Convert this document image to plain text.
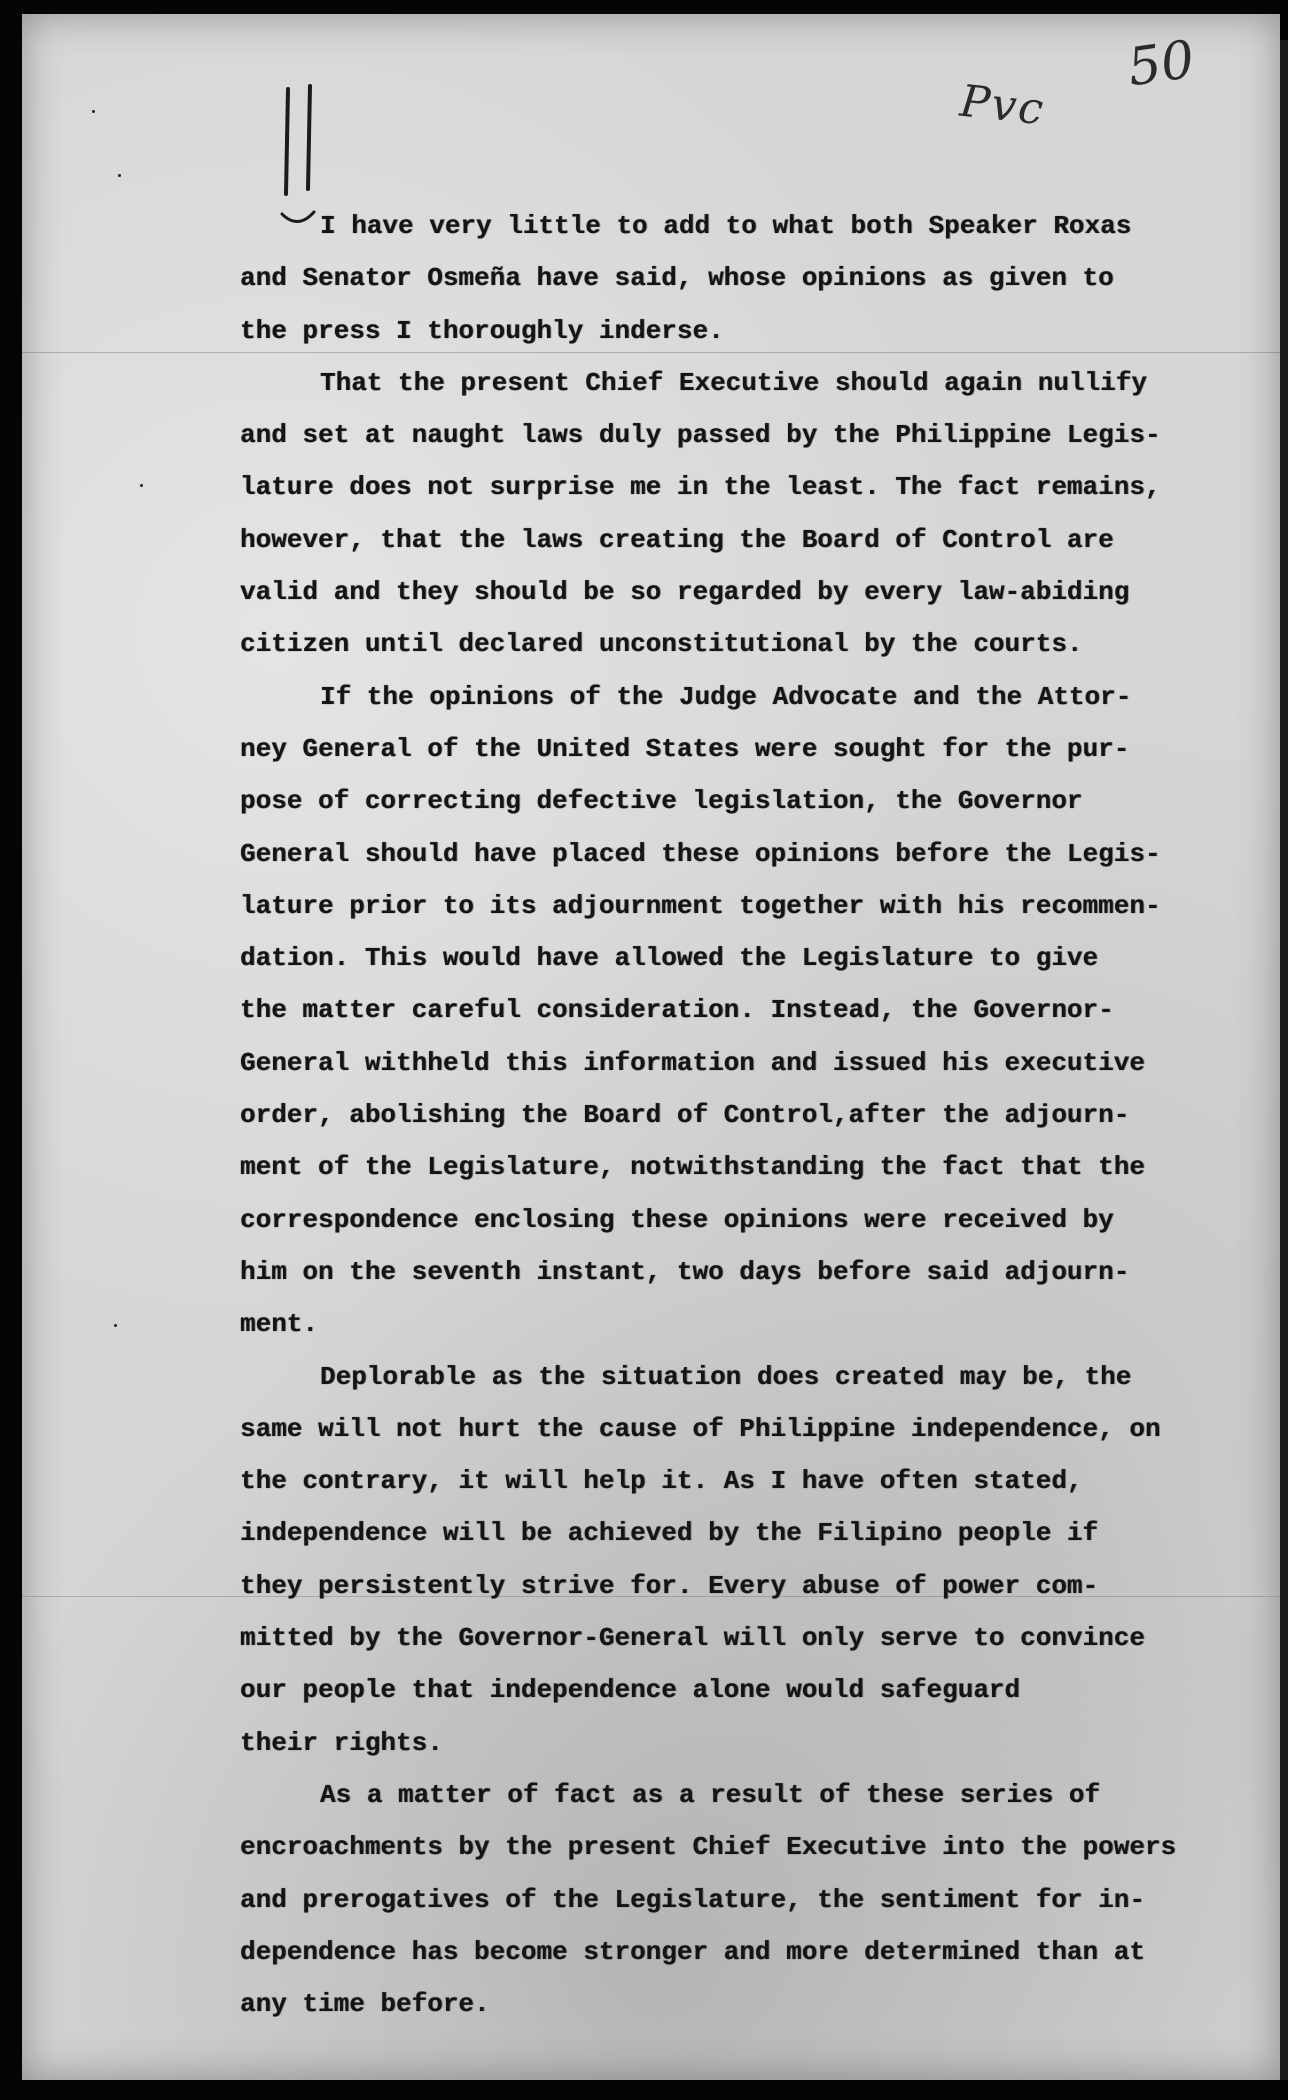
Pvc
50

I have very little to add to what both Speaker Roxas
and Senator Osmeña have said, whose opinions as given to
the press I thoroughly inderse.

That the present Chief Executive should again nullify
and set at naught laws duly passed by the Philippine Legis-
lature does not surprise me in the least. The fact remains,
however, that the laws creating the Board of Control are
valid and they should be so regarded by every law-abiding
citizen until declared unconstitutional by the courts.

If the opinions of the Judge Advocate and the Attor-
ney General of the United States were sought for the pur-
pose of correcting defective legislation, the Governor
General should have placed these opinions before the Legis-
lature prior to its adjournment together with his recommen-
dation. This would have allowed the Legislature to give
the matter careful consideration. Instead, the Governor-
General withheld this information and issued his executive
order, abolishing the Board of Control,after the adjourn-
ment of the Legislature, notwithstanding the fact that the
correspondence enclosing these opinions were received by
him on the seventh instant, two days before said adjourn-
ment.

Deplorable as the situation does created may be, the
same will not hurt the cause of Philippine independence, on
the contrary, it will help it. As I have often stated,
independence will be achieved by the Filipino people if
they persistently strive for. Every abuse of power com-
mitted by the Governor-General will only serve to convince
our people that independence alone would safeguard
their rights.

As a matter of fact as a result of these series of
encroachments by the present Chief Executive into the powers
and prerogatives of the Legislature, the sentiment for in-
dependence has become stronger and more determined than at
any time before.
